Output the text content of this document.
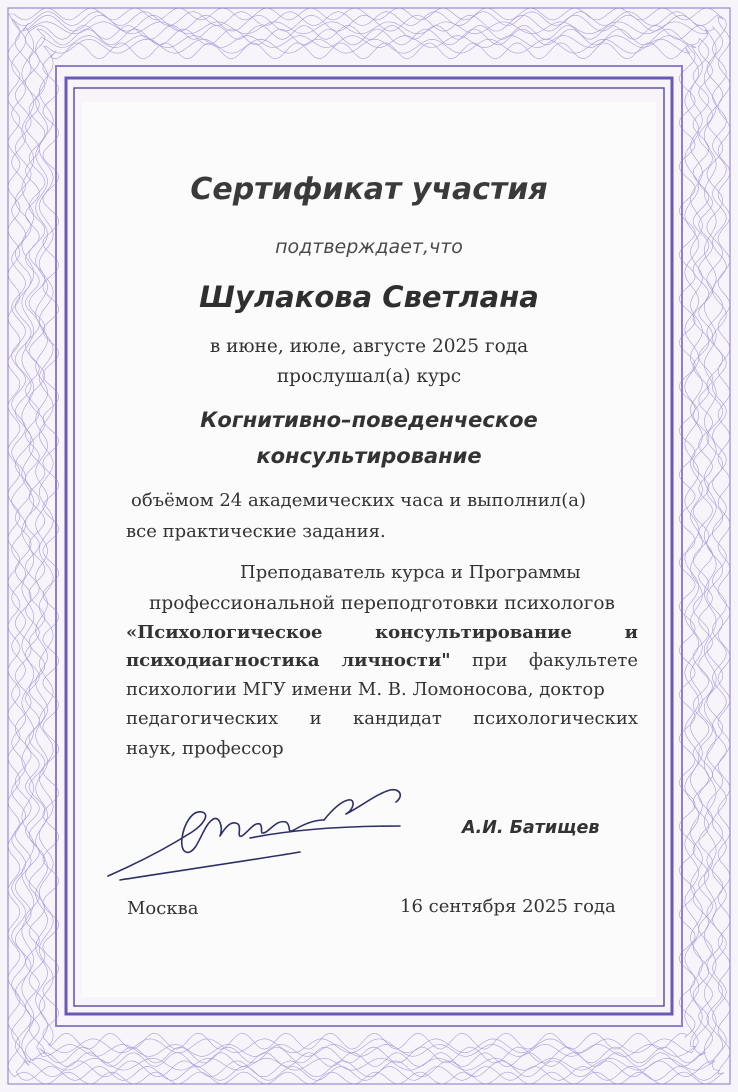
Сертификат участия

подтверждает,что

Шулакова Светлана

в июне, июле, августе 2025 года

прослушал(а) курс

Когнитивно–поведенческое

консультирование

объёмом 24 академических часа и выполнил(а)

все практические задания.

Преподаватель курса и Программы

профессиональной переподготовки психологов

«Психологическое	консультирование	и
психодиагностика личности" при факультете

психологии МГУ имени М. В. Ломоносова, доктор

педагогических и кандидат психологических

наук, профессор

А.И. Батищев

Москва	16 сентября 2025 года
